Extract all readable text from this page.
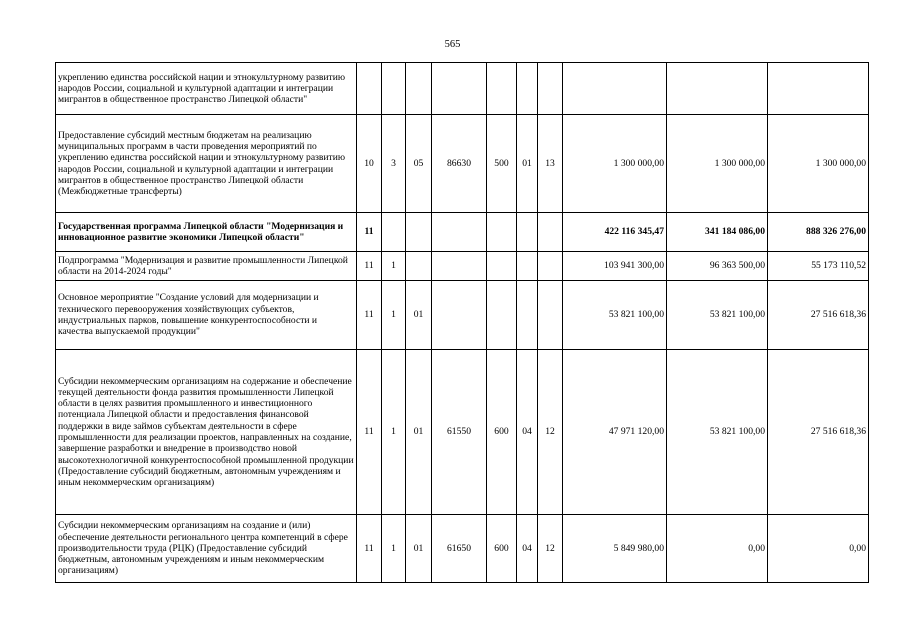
565
укреплению единства российской нации и этнокультурному развитию народов России, социальной и культурной адаптации и интеграции мигрантов в общественное пространство Липецкой области"										
Предоставление субсидий местным бюджетам на реализацию муниципальных программ в части проведения мероприятий по укреплению единства российской нации и этнокультурному развитию народов России, социальной и культурной адаптации и интеграции мигрантов в общественное пространство Липецкой области (Межбюджетные трансферты)	10	3	05	86630	500	01	13	1 300 000,00	1 300 000,00	1 300 000,00
Государственная программа Липецкой области "Модернизация и инновационное развитие экономики Липецкой области"	11							422 116 345,47	341 184 086,00	888 326 276,00
Подпрограмма "Модернизация и развитие промышленности Липецкой области на 2014-2024 годы"	11	1						103 941 300,00	96 363 500,00	55 173 110,52
Основное мероприятие "Создание условий для модернизации и технического перевооружения хозяйствующих субъектов, индустриальных парков, повышение конкурентоспособности и качества выпускаемой продукции"	11	1	01					53 821 100,00	53 821 100,00	27 516 618,36
Субсидии некоммерческим организациям на содержание и обеспечение текущей деятельности фонда развития промышленности Липецкой области в целях развития промышленного и инвестиционного потенциала Липецкой области и предоставления финансовой поддержки в виде займов субъектам деятельности в сфере промышленности для реализации проектов, направленных на создание, завершение разработки и внедрение в производство новой высокотехнологичной конкурентоспособной промышленной продукции (Предоставление субсидий бюджетным, автономным учреждениям и иным некоммерческим организациям)	11	1	01	61550	600	04	12	47 971 120,00	53 821 100,00	27 516 618,36
Субсидии некоммерческим организациям на создание и (или) обеспечение деятельности регионального центра компетенций в сфере производительности труда (РЦК) (Предоставление субсидий бюджетным, автономным учреждениям и иным некоммерческим организациям)	11	1	01	61650	600	04	12	5 849 980,00	0,00	0,00
